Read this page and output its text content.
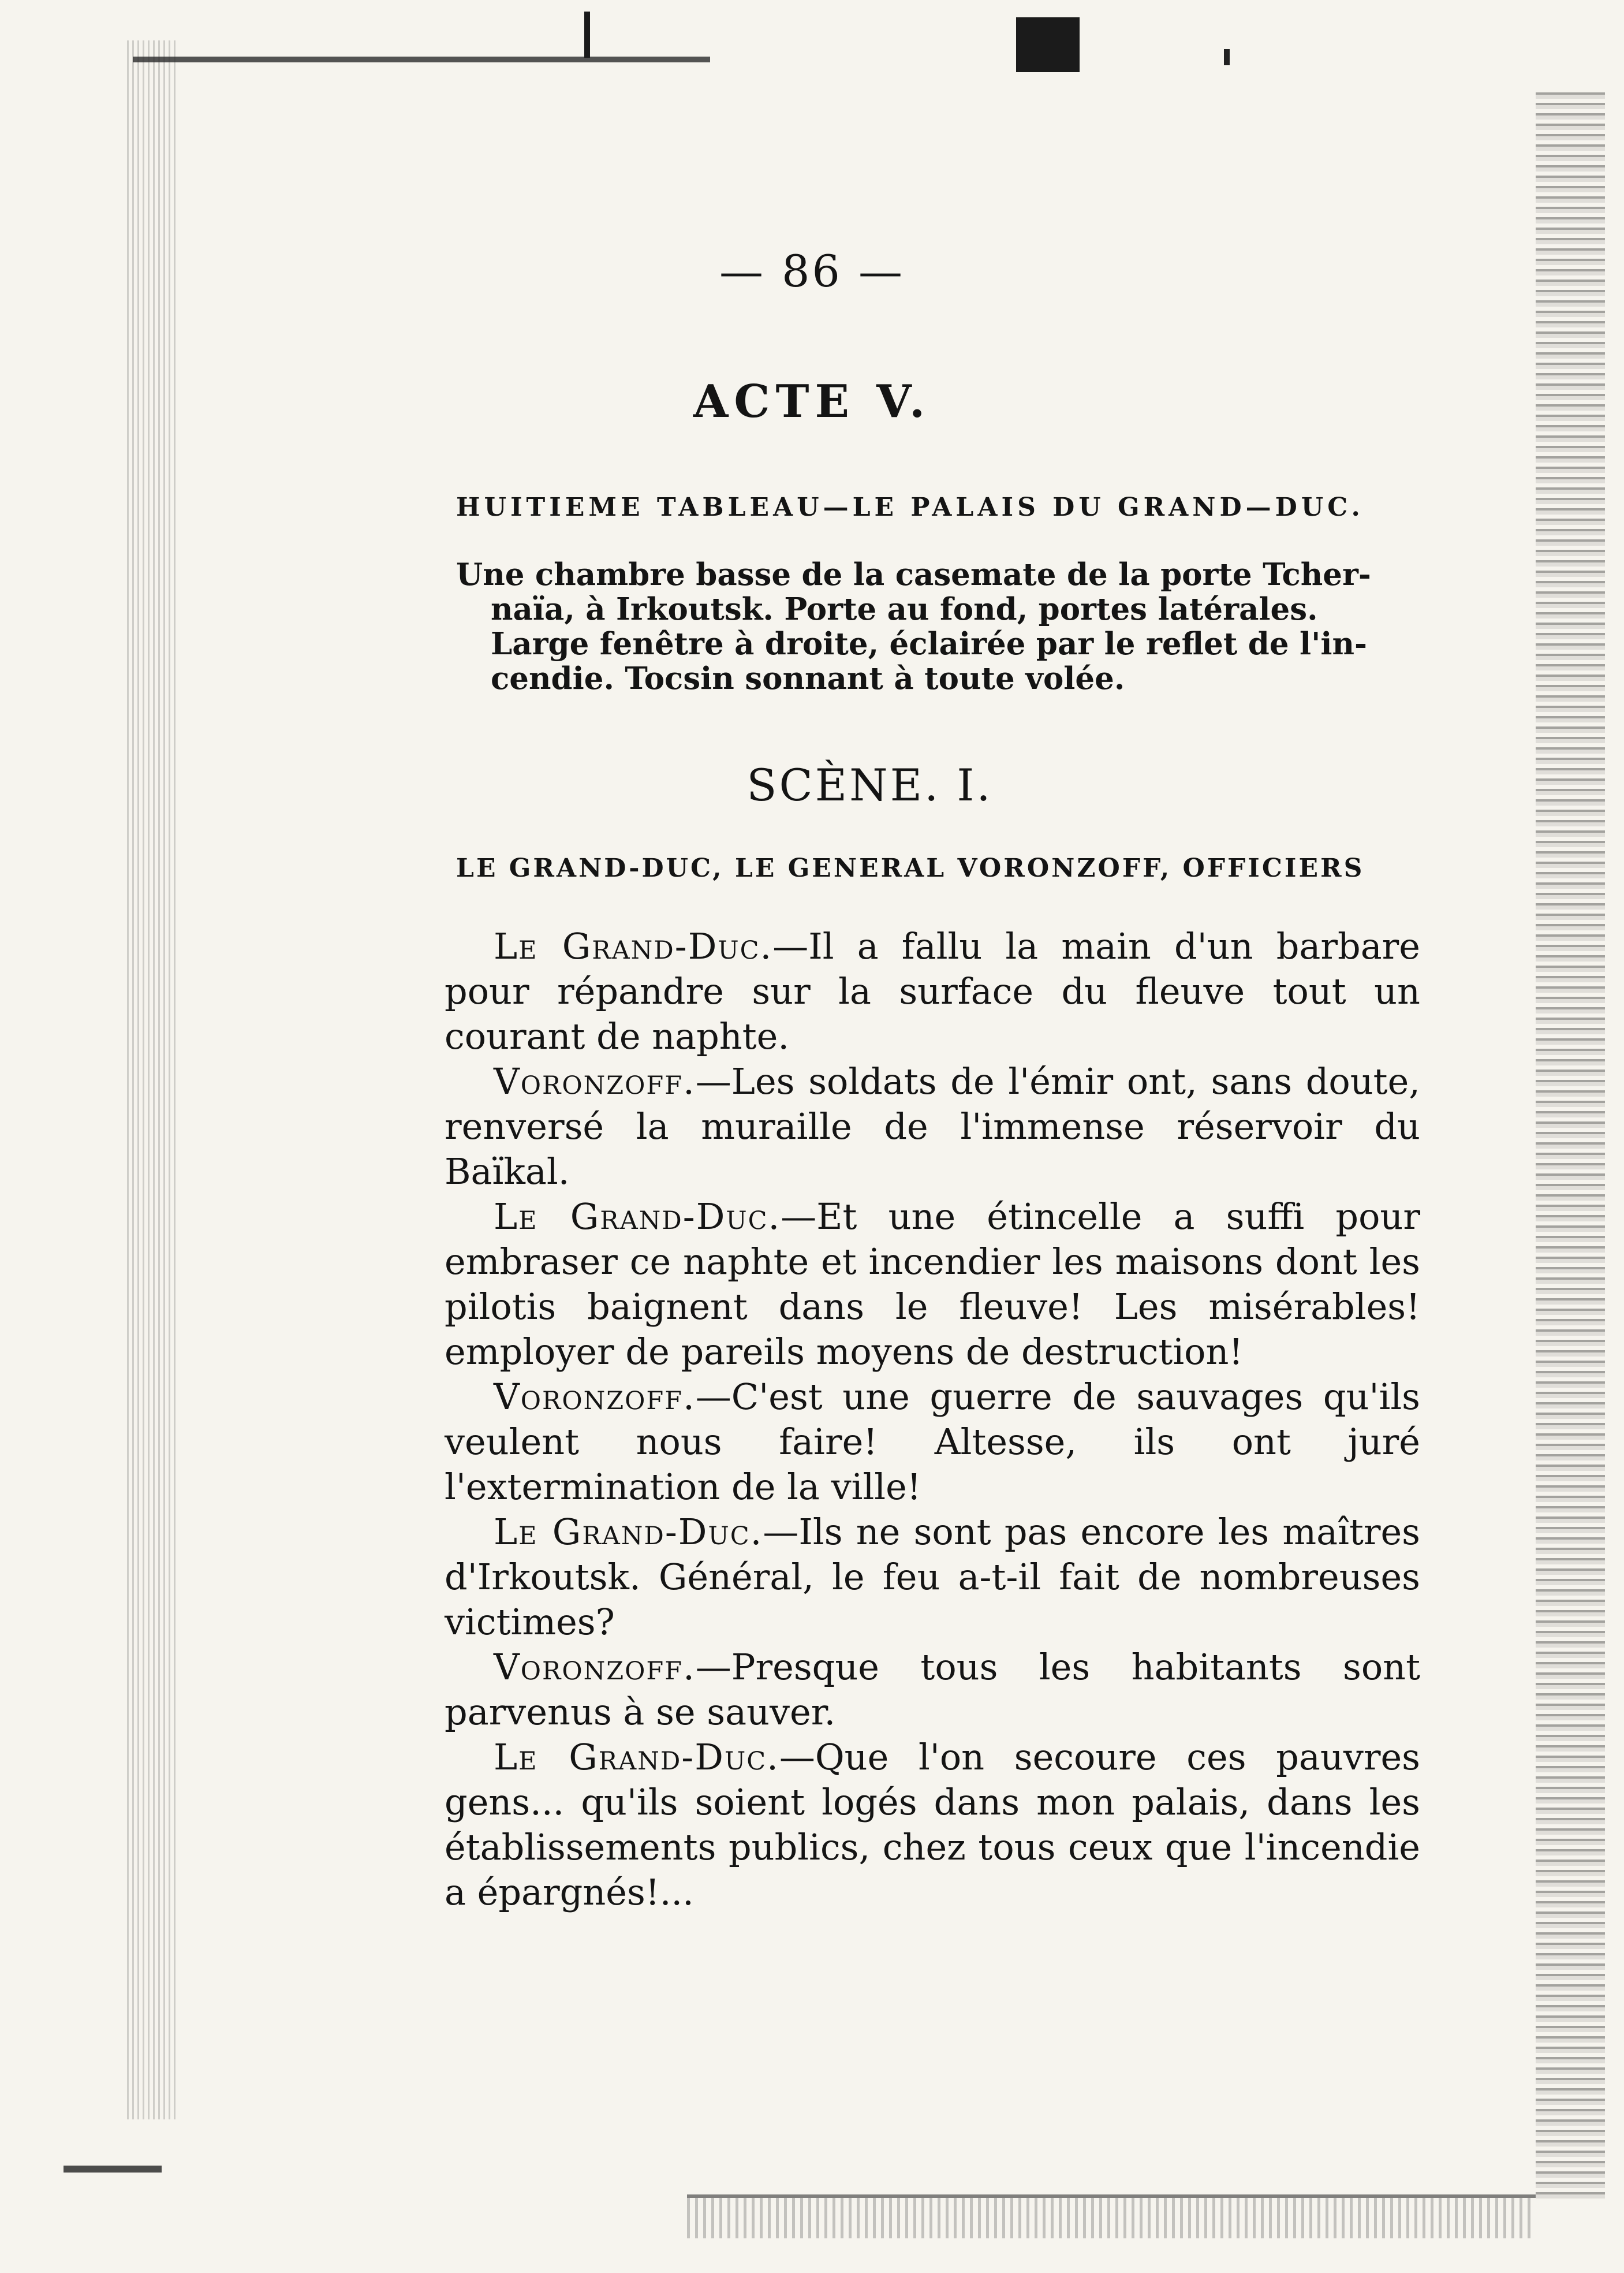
— 86 —
ACTE V.
HUITIEME TABLEAU—LE PALAIS DU GRAND—DUC.
Une chambre basse de la casemate de la porte Tcher-
naïa, à Irkoutsk. Porte au fond, portes latérales.
Large fenêtre à droite, éclairée par le reflet de l'in-
cendie. Tocsin sonnant à toute volée.
SCÈNE. I.
LE GRAND-DUC, LE GENERAL VORONZOFF, OFFICIERS

Le Grand-Duc.—Il a fallu la main d'un barbare pour répandre sur la surface du fleuve tout un courant de naphte.

Voronzoff.—Les soldats de l'émir ont, sans doute, renversé la muraille de l'immense réservoir du Baïkal.

Le Grand-Duc.—Et une étincelle a suffi pour embraser ce naphte et incendier les maisons dont les pilotis baignent dans le fleuve! Les misérables! employer de pareils moyens de destruction!

Voronzoff.—C'est une guerre de sauvages qu'ils veulent nous faire! Altesse, ils ont juré l'extermination de la ville!

Le Grand-Duc.—Ils ne sont pas encore les maîtres d'Irkoutsk. Général, le feu a-t-il fait de nombreuses victimes?

Voronzoff.—Presque tous les habitants sont parvenus à se sauver.

Le Grand-Duc.—Que l'on secoure ces pauvres gens... qu'ils soient logés dans mon palais, dans les établissements publics, chez tous ceux que l'incendie a épargnés!...
